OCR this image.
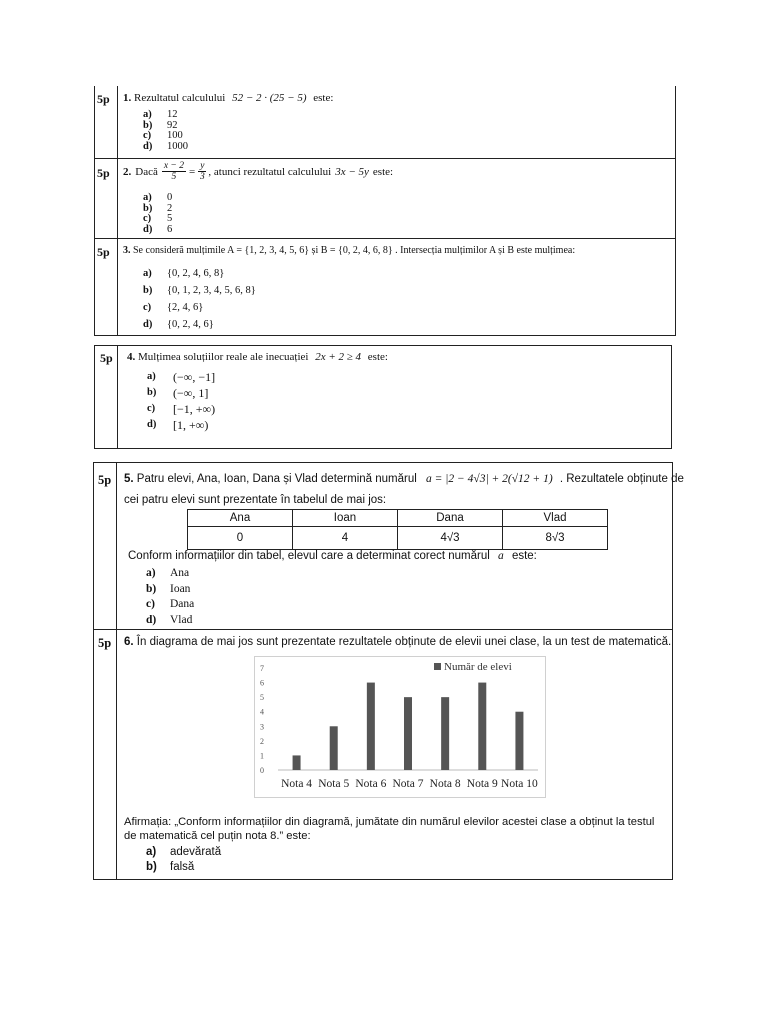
5p 1. Rezultatul calculului 52 − 2 · (25 − 5) este:
a)	12
b)	92
c)	100
d)	1000
5p 2. Dacă $\frac{x - 2}{5} = \frac{y}{3}$ , atunci rezultatul calculului 3x − 5y este:
a)	0
b)	2
c)	5
d)	6
5p 3. Se consideră mulțimile A = {1, 2, 3, 4, 5, 6} și B = {0, 2, 4, 6, 8} . Intersecția mulțimilor A și B este mulțimea:
a)	{0, 2, 4, 6, 8}
b)	{0, 1, 2, 3, 4, 5, 6, 8}
c)	{2, 4, 6}
d)	{0, 2, 4, 6}
5p 4. Mulțimea soluțiilor reale ale inecuației 2x + 2 ≥ 4 este:
a)	(−∞, −1]
b)	(−∞, 1]
c)	[−1, +∞)
d)	[1, +∞)
5p 5. Patru elevi, Ana, Ioan, Dana și Vlad determină numărul a = |2 − 4√3| + 2(√12 + 1) . Rezultatele obținute de
cei patru elevi sunt prezentate în tabelul de mai jos:
Ana	Ioan	Dana	Vlad
0	4	4√3	8√3
Conform informațiilor din tabel, elevul care a determinat corect numărul a este:
a)	Ana
b)	Ioan
c)	Dana
d)	Vlad
5p 6. În diagrama de mai jos sunt prezentate rezultatele obținute de elevii unei clase, la un test de matematică.
0
1
2
3
4
5
6
7
Nota 4 Nota 5 Nota 6 Nota 7 Nota 8 Nota 9 Nota 10
Număr de elevi
Afirmația: „Conform informațiilor din diagramă, jumătate din numărul elevilor acestei clase a obținut la testul
de matematică cel puțin nota 8.” este:
a)	adevărată
b)	falsă
